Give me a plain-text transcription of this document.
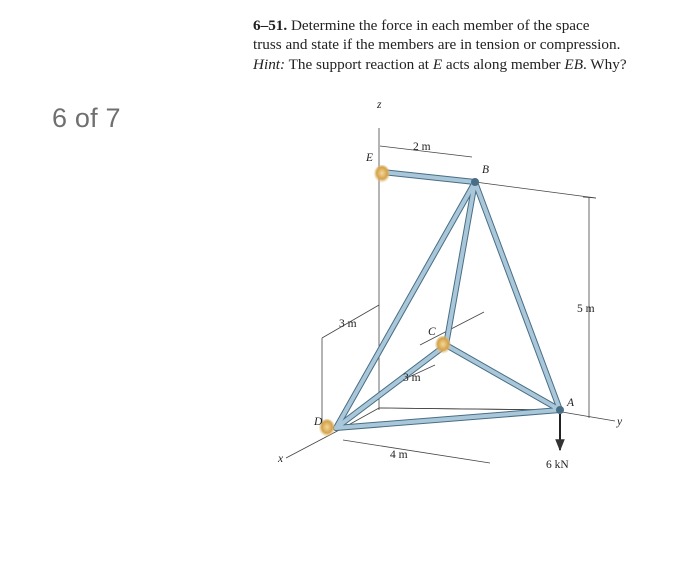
6 of 7
6–51. Determine the force in each member of the space
truss and state if the members are in tension or compression.
Hint: The support reaction at E acts along member EB. Why?
z
x
y
E
B
C
D
A
2 m
5 m
3 m
3 m
4 m
6 kN
